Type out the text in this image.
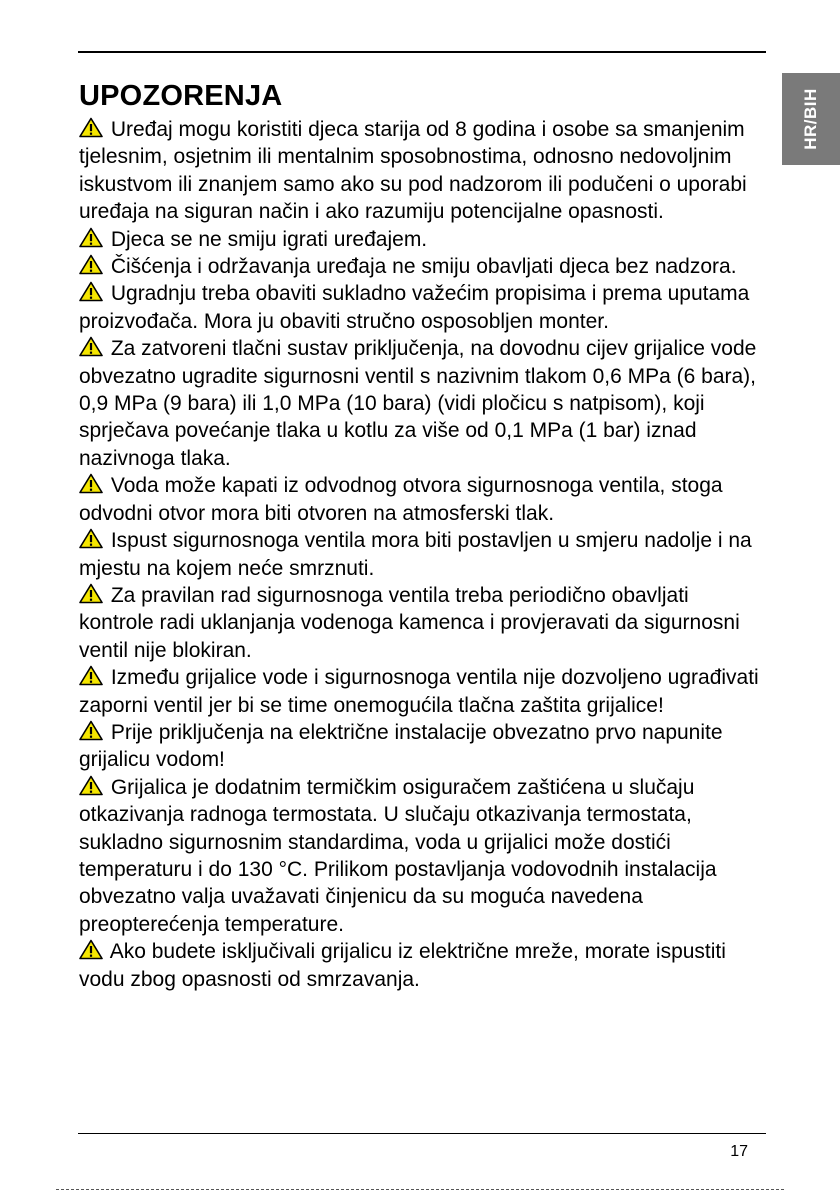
HR/BIH
UPOZORENJA

Uređaj mogu koristiti djeca starija od 8 godina i osobe sa smanjenim tjelesnim, osjetnim ili mentalnim sposobnostima, odnosno nedovoljnim iskustvom ili znanjem samo ako su pod nadzorom ili podučeni o uporabi uređaja na siguran način i ako razumiju potencijalne opasnosti.

Djeca se ne smiju igrati uređajem.

Čišćenja i održavanja uređaja ne smiju obavljati djeca bez nadzora.

Ugradnju treba obaviti sukladno važećim propisima i prema uputama proizvođača. Mora ju obaviti stručno osposobljen monter.

Za zatvoreni tlačni sustav priključenja, na dovodnu cijev grijalice vode obvezatno ugradite sigurnosni ventil s nazivnim tlakom 0,6 MPa (6 bara), 0,9 MPa (9 bara) ili 1,0 MPa (10 bara) (vidi pločicu s natpisom), koji sprječava povećanje tlaka u kotlu za više od 0,1 MPa (1 bar) iznad nazivnoga tlaka.

Voda može kapati iz odvodnog otvora sigurnosnoga ventila, stoga odvodni otvor mora biti otvoren na atmosferski tlak.

Ispust sigurnosnoga ventila mora biti postavljen u smjeru nadolje i na mjestu na kojem neće smrznuti.

Za pravilan rad sigurnosnoga ventila treba periodično obavljati kontrole radi uklanjanja vodenoga kamenca i provjeravati da sigurnosni ventil nije blokiran.

Između grijalice vode i sigurnosnoga ventila nije dozvoljeno ugrađivati zaporni ventil jer bi se time onemogućila tlačna zaštita grijalice!

Prije priključenja na električne instalacije obvezatno prvo napunite grijalicu vodom!

Grijalica je dodatnim termičkim osiguračem zaštićena u slučaju otkazivanja radnoga termostata. U slučaju otkazivanja termostata, sukladno sigurnosnim standardima, voda u grijalici može dostići temperaturu i do 130 °C. Prilikom postavljanja vodovodnih instalacija obvezatno valja uvažavati činjenicu da su moguća navedena preopterećenja temperature.

Ako budete isključivali grijalicu iz električne mreže, morate ispustiti vodu zbog opasnosti od smrzavanja.

17
